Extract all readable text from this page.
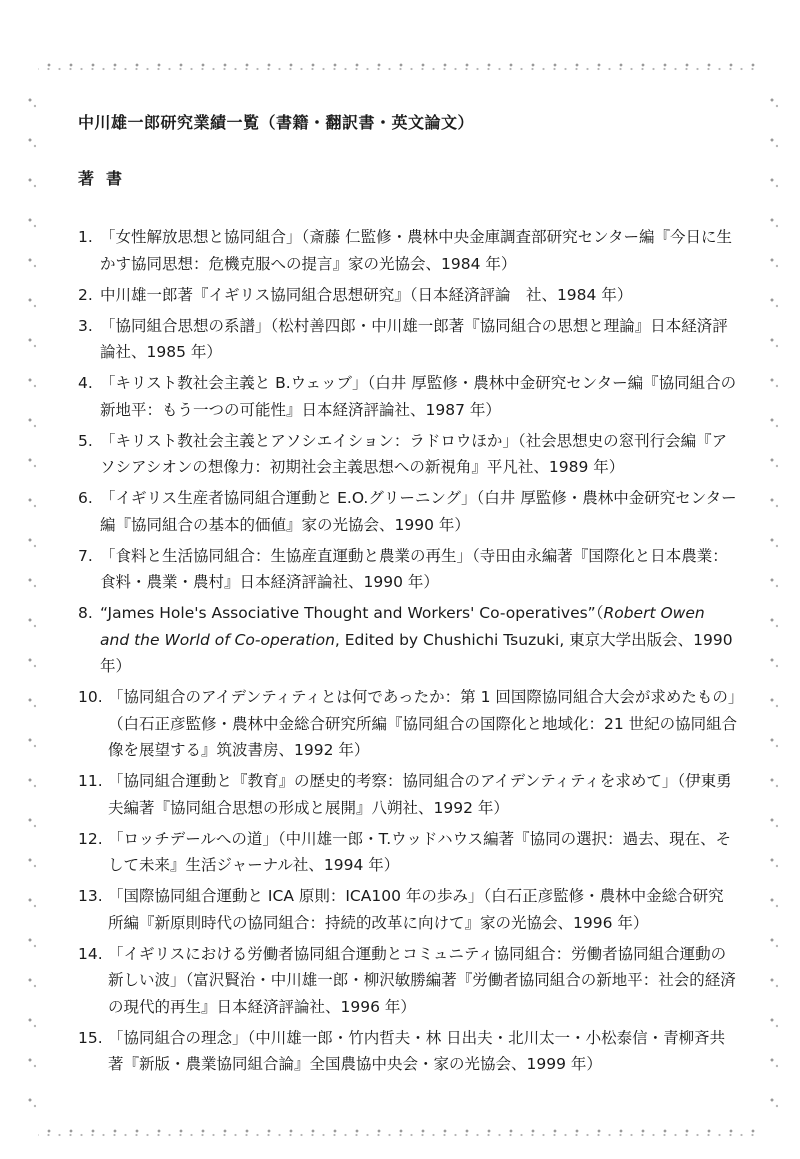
中川雄一郎研究業績一覧（書籍・翻訳書・英文論文）
著書
1. 「女性解放思想と協同組合」（斎藤 仁監修・農林中央金庫調査部研究センター編『今日に生かす協同思想：危機克服への提言』家の光協会、1984 年）
2. 中川雄一郎著『イギリス協同組合思想研究』（日本経済評論　社、1984 年）
3. 「協同組合思想の系譜」（松村善四郎・中川雄一郎著『協同組合の思想と理論』日本経済評論社、1985 年）
4. 「キリスト教社会主義と B.ウェッブ」（白井 厚監修・農林中金研究センター編『協同組合の新地平：もう一つの可能性』日本経済評論社、1987 年）
5. 「キリスト教社会主義とアソシエイション：ラドロウほか」（社会思想史の窓刊行会編『アソシアシオンの想像力：初期社会主義思想への新視角』平凡社、1989 年）
6. 「イギリス生産者協同組合運動と E.O.グリーニング」（白井 厚監修・農林中金研究センター編『協同組合の基本的価値』家の光協会、1990 年）
7. 「食料と生活協同組合：生協産直運動と農業の再生」（寺田由永編著『国際化と日本農業：食料・農業・農村』日本経済評論社、1990 年）
8. “James Hole's Associative Thought and Workers' Co-operatives”（Robert Owen and the World of Co-operation, Edited by Chushichi Tsuzuki, 東京大学出版会、1990 年）
10. 「協同組合のアイデンティティとは何であったか：第 1 回国際協同組合大会が求めたもの」（白石正彦監修・農林中金総合研究所編『協同組合の国際化と地域化：21 世紀の協同組合像を展望する』筑波書房、1992 年）
11. 「協同組合運動と『教育』の歴史的考察：協同組合のアイデンティティを求めて」（伊東勇夫編著『協同組合思想の形成と展開』八朔社、1992 年）
12. 「ロッチデールへの道」（中川雄一郎・T.ウッドハウス編著『協同の選択：過去、現在、そして未来』生活ジャーナル社、1994 年）
13. 「国際協同組合運動と ICA 原則：ICA100 年の歩み」（白石正彦監修・農林中金総合研究所編『新原則時代の協同組合：持続的改革に向けて』家の光協会、1996 年）
14. 「イギリスにおける労働者協同組合運動とコミュニティ協同組合：労働者協同組合運動の新しい波」（富沢賢治・中川雄一郎・柳沢敏勝編著『労働者協同組合の新地平：社会的経済の現代的再生』日本経済評論社、1996 年）
15. 「協同組合の理念」（中川雄一郎・竹内哲夫・林 日出夫・北川太一・小松泰信・青柳斉共著『新版・農業協同組合論』全国農協中央会・家の光協会、1999 年）
